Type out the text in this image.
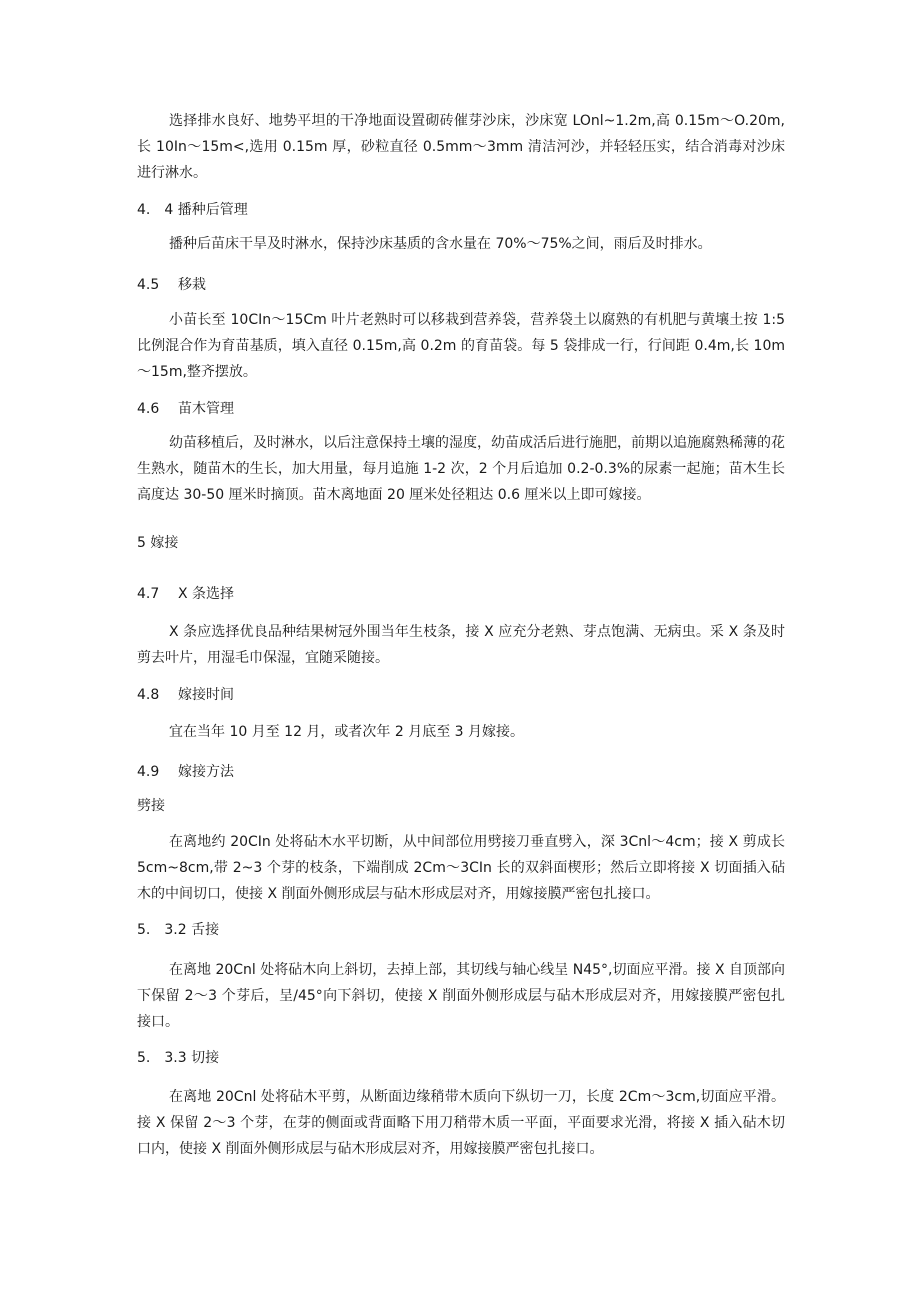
选择排水良好、地势平坦的干净地面设置砌砖催芽沙床，沙床宽 LOnl~1.2m,高 0.15m～O.20m,长 10In～15m<,选用 0.15m 厚，砂粒直径 0.5mm～3mm 清洁河沙，并轻轻压实，结合消毒对沙床进行淋水。

4.　4 播种后管理

播种后苗床干旱及时淋水，保持沙床基质的含水量在 70%～75%之间，雨后及时排水。

4.5 移栽

小苗长至 10CIn～15Cm 叶片老熟时可以移栽到营养袋，营养袋土以腐熟的有机肥与黄壤土按 1:5 比例混合作为育苗基质，填入直径 0.15m,高 0.2m 的育苗袋。每 5 袋排成一行，行间距 0.4m,长 10m～15m,整齐摆放。

4.6 苗木管理

幼苗移植后，及时淋水，以后注意保持土壤的湿度，幼苗成活后进行施肥，前期以追施腐熟稀薄的花生熟水，随苗木的生长，加大用量，每月追施 1-2 次，2 个月后追加 0.2-0.3%的尿素一起施；苗木生长高度达 30-50 厘米时摘顶。苗木离地面 20 厘米处径粗达 0.6 厘米以上即可嫁接。

5 嫁接

4.7 X 条选择

X 条应选择优良品种结果树冠外围当年生枝条，接 X 应充分老熟、芽点饱满、无病虫。采 X 条及时剪去叶片，用湿毛巾保湿，宜随采随接。

4.8 嫁接时间

宜在当年 10 月至 12 月，或者次年 2 月底至 3 月嫁接。

4.9 嫁接方法

劈接

在离地约 20CIn 处将砧木水平切断，从中间部位用劈接刀垂直劈入，深 3Cnl～4cm；接 X 剪成长 5cm~8cm,带 2~3 个芽的枝条，下端削成 2Cm～3CIn 长的双斜面楔形；然后立即将接 X 切面插入砧木的中间切口，使接 X 削面外侧形成层与砧木形成层对齐，用嫁接膜严密包扎接口。

5.　3.2 舌接

在离地 20Cnl 处将砧木向上斜切，去掉上部，其切线与轴心线呈 N45°,切面应平滑。接 X 自顶部向下保留 2～3 个芽后，呈/45°向下斜切，使接 X 削面外侧形成层与砧木形成层对齐，用嫁接膜严密包扎接口。

5.　3.3 切接

在离地 20Cnl 处将砧木平剪，从断面边缘稍带木质向下纵切一刀，长度 2Cm～3cm,切面应平滑。接 X 保留 2～3 个芽，在芽的侧面或背面略下用刀稍带木质一平面，平面要求光滑，将接 X 插入砧木切口内，使接 X 削面外侧形成层与砧木形成层对齐，用嫁接膜严密包扎接口。
